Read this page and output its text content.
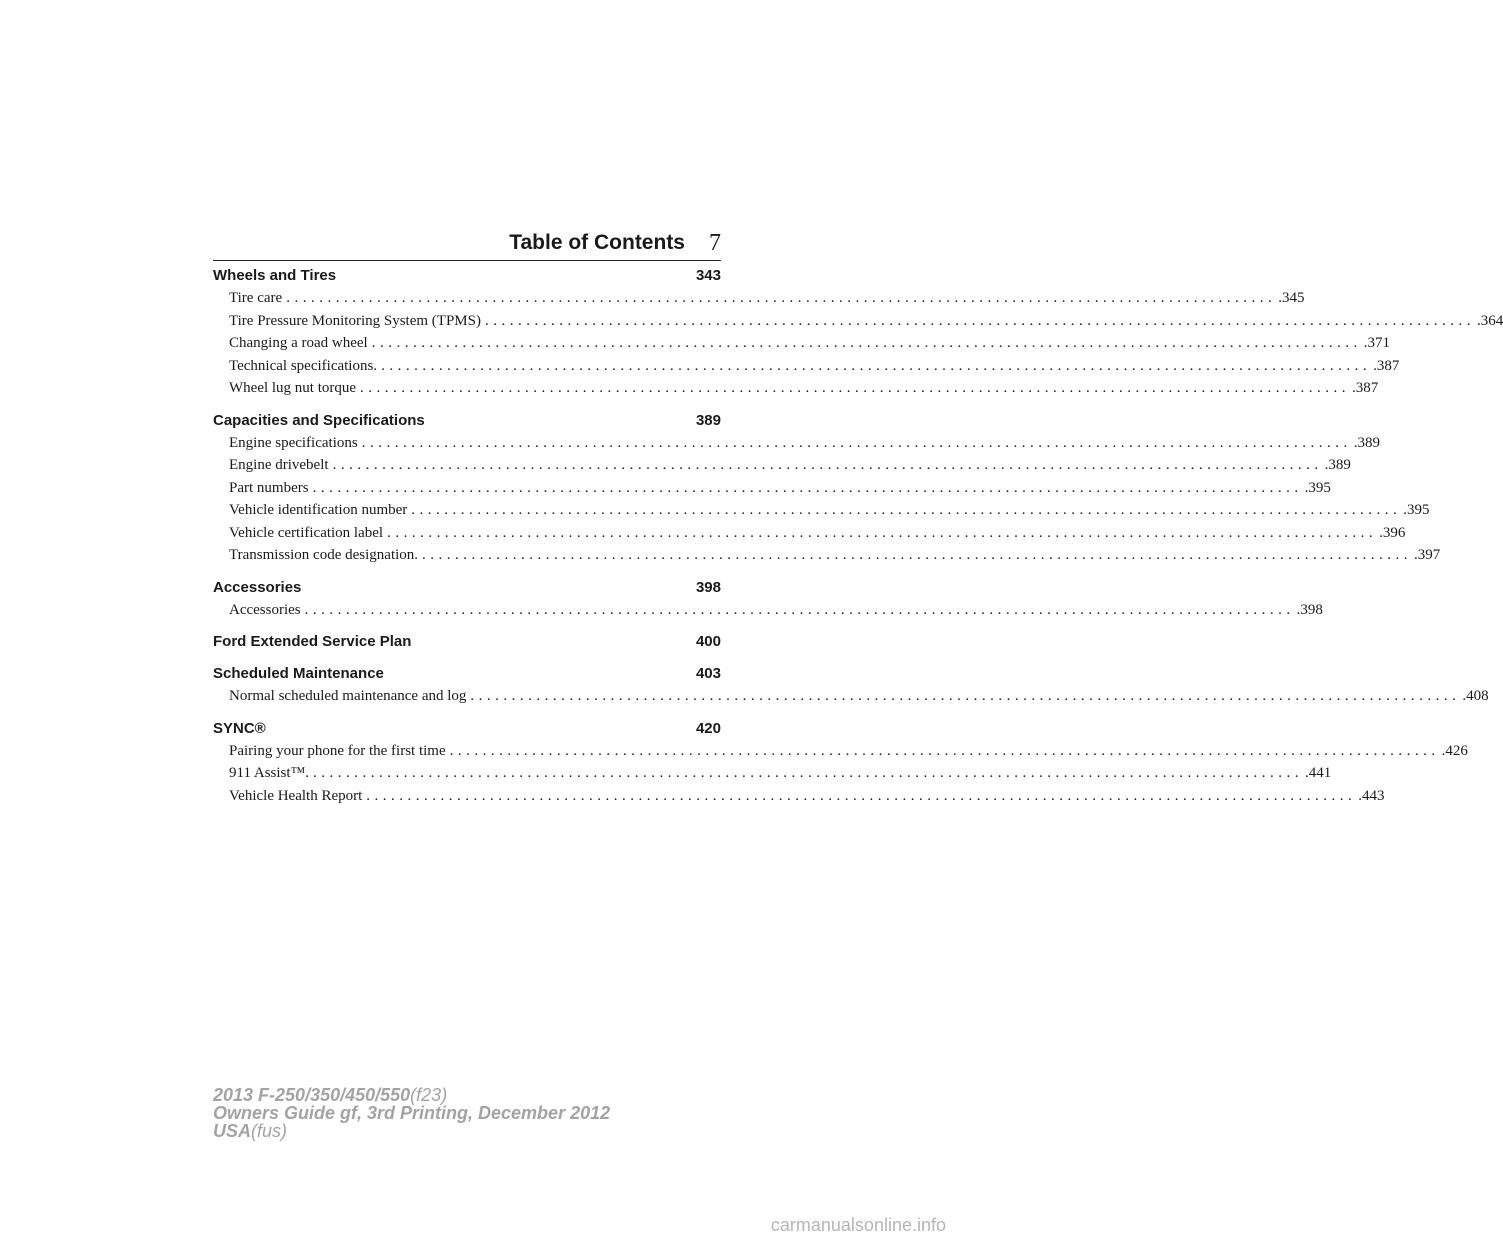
Table of Contents 7
Wheels and Tires	343
Tire care ........................................................................................................................ .345
Tire Pressure Monitoring System (TPMS) ........................................................................................................................ .364
Changing a road wheel ........................................................................................................................ .371
Technical specifications. ........................................................................................................................ .387
Wheel lug nut torque ........................................................................................................................ .387
Capacities and Specifications	389
Engine specifications ........................................................................................................................ .389
Engine drivebelt ........................................................................................................................ .389
Part numbers ........................................................................................................................ .395
Vehicle identification number ........................................................................................................................ .395
Vehicle certification label ........................................................................................................................ .396
Transmission code designation. ........................................................................................................................ .397
Accessories	398
Accessories ........................................................................................................................ .398
Ford Extended Service Plan	400
Scheduled Maintenance	403
Normal scheduled maintenance and log ........................................................................................................................ .408
SYNC®	420
Pairing your phone for the first time ........................................................................................................................ .426
911 Assist™. ........................................................................................................................ .441
Vehicle Health Report ........................................................................................................................ .443
2013 F-250/350/450/550(f23)
Owners Guide gf, 3rd Printing, December 2012
USA(fus)
carmanualsonline.info
